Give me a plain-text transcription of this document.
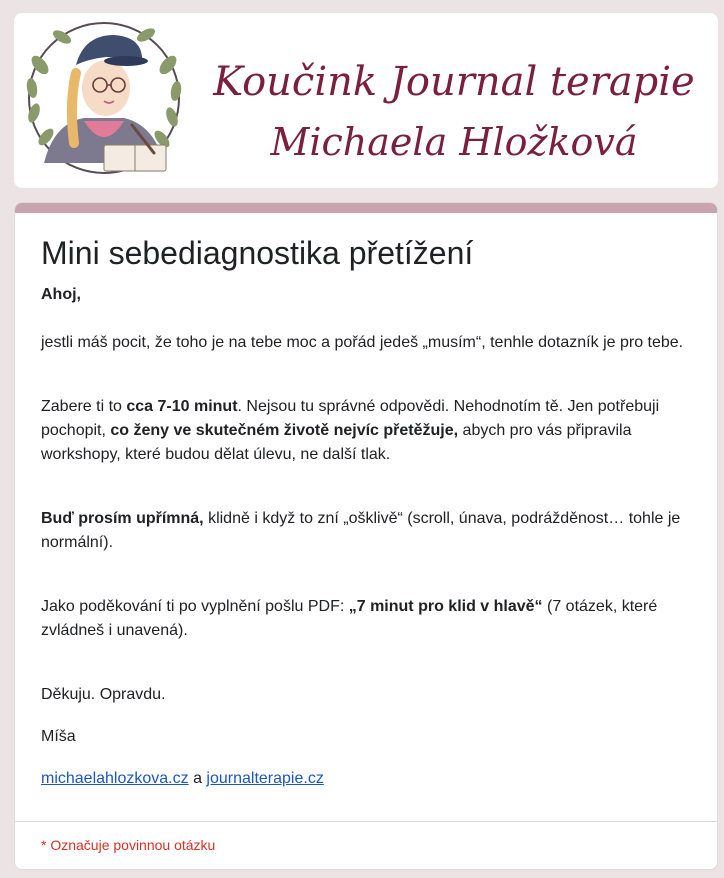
Koučink Journal terapie
Michaela Hložková
Mini sebediagnostika přetížení

Ahoj,

jestli máš pocit, že toho je na tebe moc a pořád jedeš „musím“, tenhle dotazník je pro tebe.

Zabere ti to cca 7-10 minut. Nejsou tu správné odpovědi. Nehodnotím tě. Jen potřebuji pochopit, co ženy ve skutečném životě nejvíc přetěžuje, abych pro vás připravila workshopy, které budou dělat úlevu, ne další tlak.

Buď prosím upřímná, klidně i když to zní „ošklivě“ (scroll, únava, podrážděnost… tohle je normální).

Jako poděkování ti po vyplnění pošlu PDF: „7 minut pro klid v hlavě“ (7 otázek, které zvládneš i unavená).

Děkuju. Opravdu.

Míša

michaelahlozkova.cz a journalterapie.cz

* Označuje povinnou otázku
